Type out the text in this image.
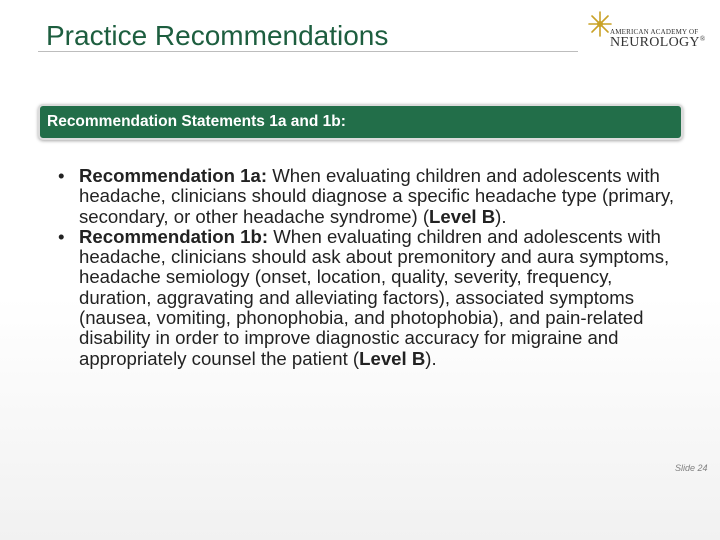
Practice Recommendations	AMERICAN ACADEMY OF
NEUROLOGY®
Recommendation Statements 1a and 1b:
• Recommendation 1a: When evaluating children and adolescents with headache, clinicians should diagnose a specific headache type (primary, secondary, or other headache syndrome) (Level B).
• Recommendation 1b: When evaluating children and adolescents with headache, clinicians should ask about premonitory and aura symptoms, headache semiology (onset, location, quality, severity, frequency, duration, aggravating and alleviating factors), associated symptoms (nausea, vomiting, phonophobia, and photophobia), and pain-related disability in order to improve diagnostic accuracy for migraine and appropriately counsel the patient (Level B).
Slide 24
